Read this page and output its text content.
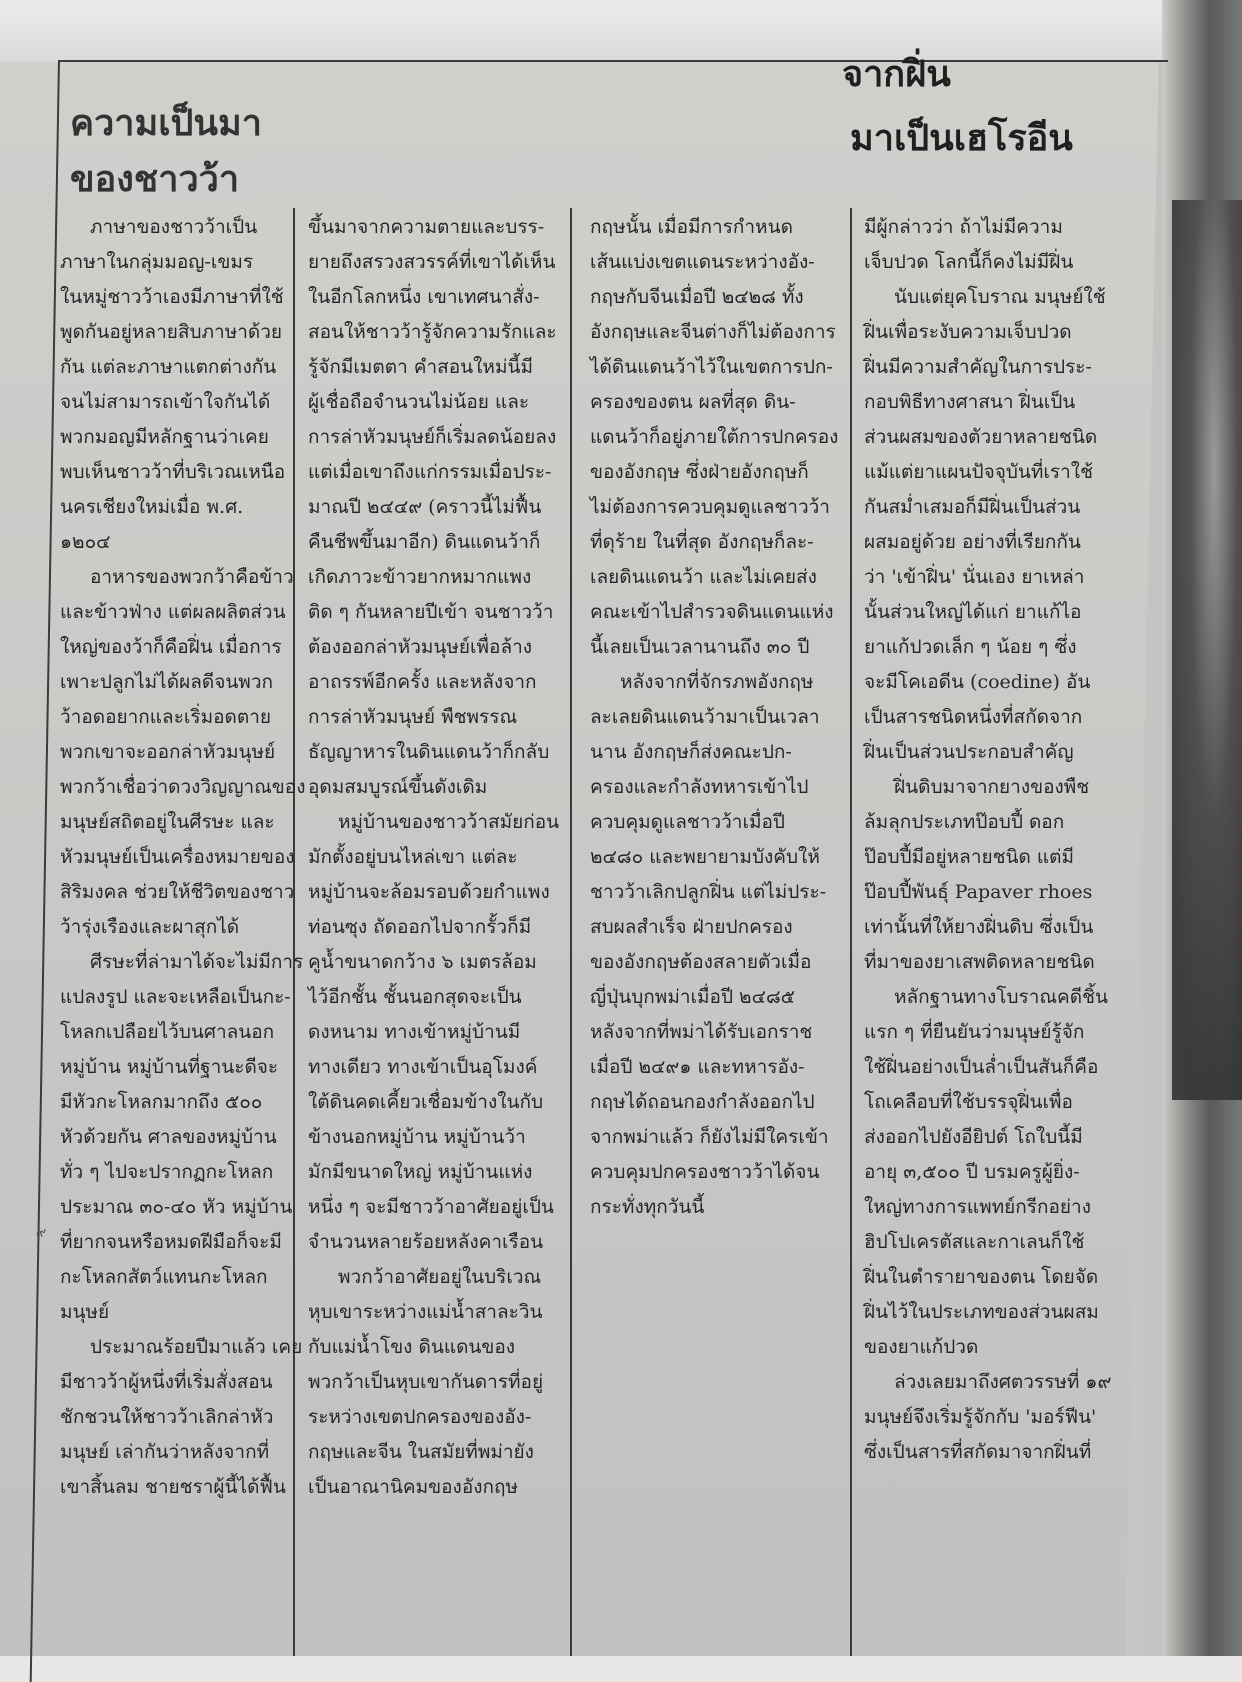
ความเป็นมา
ของชาวว้า
จากฝิ่น
มาเป็นเฮโรอีน
ภาษาของชาวว้าเป็น
ภาษาในกลุ่มมอญ-เขมร
ในหมู่ชาวว้าเองมีภาษาที่ใช้
พูดกันอยู่หลายสิบภาษาด้วย
กัน แต่ละภาษาแตกต่างกัน
จนไม่สามารถเข้าใจกันได้
พวกมอญมีหลักฐานว่าเคย
พบเห็นชาวว้าที่บริเวณเหนือ
นครเชียงใหม่เมื่อ พ.ศ.
๑๒๐๔
อาหารของพวกว้าคือข้าว
และข้าวฟ่าง แต่ผลผลิตส่วน
ใหญ่ของว้าก็คือฝิ่น เมื่อการ
เพาะปลูกไม่ได้ผลดีจนพวก
ว้าอดอยากและเริ่มอดตาย
พวกเขาจะออกล่าหัวมนุษย์
พวกว้าเชื่อว่าดวงวิญญาณของ
มนุษย์สถิตอยู่ในศีรษะ และ
หัวมนุษย์เป็นเครื่องหมายของ
สิริมงคล ช่วยให้ชีวิตของชาว
ว้ารุ่งเรืองและผาสุกได้
ศีรษะที่ล่ามาได้จะไม่มีการ
แปลงรูป และจะเหลือเป็นกะ-
โหลกเปลือยไว้บนศาลนอก
หมู่บ้าน หมู่บ้านที่ฐานะดีจะ
มีหัวกะโหลกมากถึง ๕๐๐
หัวด้วยกัน ศาลของหมู่บ้าน
ทั่ว ๆ ไปจะปรากฏกะโหลก
ประมาณ ๓๐-๔๐ หัว หมู่บ้าน
ที่ยากจนหรือหมดฝีมือก็จะมี
กะโหลกสัตว์แทนกะโหลก
มนุษย์
ประมาณร้อยปีมาแล้ว เคย
มีชาวว้าผู้หนึ่งที่เริ่มสั่งสอน
ชักชวนให้ชาวว้าเลิกล่าหัว
มนุษย์ เล่ากันว่าหลังจากที่
เขาสิ้นลม ชายชราผู้นี้ได้ฟื้น
ขึ้นมาจากความตายและบรร-
ยายถึงสรวงสวรรค์ที่เขาได้เห็น
ในอีกโลกหนึ่ง เขาเทศนาสั่ง-
สอนให้ชาวว้ารู้จักความรักและ
รู้จักมีเมตตา คำสอนใหม่นี้มี
ผู้เชื่อถือจำนวนไม่น้อย และ
การล่าหัวมนุษย์ก็เริ่มลดน้อยลง
แต่เมื่อเขาถึงแก่กรรมเมื่อประ-
มาณปี ๒๔๔๙ (คราวนี้ไม่ฟื้น
คืนชีพขึ้นมาอีก) ดินแดนว้าก็
เกิดภาวะข้าวยากหมากแพง
ติด ๆ กันหลายปีเข้า จนชาวว้า
ต้องออกล่าหัวมนุษย์เพื่อล้าง
อาถรรพ์อีกครั้ง และหลังจาก
การล่าหัวมนุษย์ พืชพรรณ
ธัญญาหารในดินแดนว้าก็กลับ
อุดมสมบูรณ์ขึ้นดังเดิม
หมู่บ้านของชาวว้าสมัยก่อน
มักตั้งอยู่บนไหล่เขา แต่ละ
หมู่บ้านจะล้อมรอบด้วยกำแพง
ท่อนซุง ถัดออกไปจากรั้วก็มี
คูน้ำขนาดกว้าง ๖ เมตรล้อม
ไว้อีกชั้น ชั้นนอกสุดจะเป็น
ดงหนาม ทางเข้าหมู่บ้านมี
ทางเดียว ทางเข้าเป็นอุโมงค์
ใต้ดินคดเคี้ยวเชื่อมข้างในกับ
ข้างนอกหมู่บ้าน หมู่บ้านว้า
มักมีขนาดใหญ่ หมู่บ้านแห่ง
หนึ่ง ๆ จะมีชาวว้าอาศัยอยู่เป็น
จำนวนหลายร้อยหลังคาเรือน
พวกว้าอาศัยอยู่ในบริเวณ
หุบเขาระหว่างแม่น้ำสาละวิน
กับแม่น้ำโขง ดินแดนของ
พวกว้าเป็นหุบเขากันดารที่อยู่
ระหว่างเขตปกครองของอัง-
กฤษและจีน ในสมัยที่พม่ายัง
เป็นอาณานิคมของอังกฤษ
กฤษนั้น เมื่อมีการกำหนด
เส้นแบ่งเขตแดนระหว่างอัง-
กฤษกับจีนเมื่อปี ๒๔๒๘ ทั้ง
อังกฤษและจีนต่างก็ไม่ต้องการ
ได้ดินแดนว้าไว้ในเขตการปก-
ครองของตน ผลที่สุด ดิน-
แดนว้าก็อยู่ภายใต้การปกครอง
ของอังกฤษ ซึ่งฝ่ายอังกฤษก็
ไม่ต้องการควบคุมดูแลชาวว้า
ที่ดุร้าย ในที่สุด อังกฤษก็ละ-
เลยดินแดนว้า และไม่เคยส่ง
คณะเข้าไปสำรวจดินแดนแห่ง
นี้เลยเป็นเวลานานถึง ๓๐ ปี
หลังจากที่จักรภพอังกฤษ
ละเลยดินแดนว้ามาเป็นเวลา
นาน อังกฤษก็ส่งคณะปก-
ครองและกำลังทหารเข้าไป
ควบคุมดูแลชาวว้าเมื่อปี
๒๔๘๐ และพยายามบังคับให้
ชาวว้าเลิกปลูกฝิ่น แต่ไม่ประ-
สบผลสำเร็จ ฝ่ายปกครอง
ของอังกฤษต้องสลายตัวเมื่อ
ญี่ปุ่นบุกพม่าเมื่อปี ๒๔๘๕
หลังจากที่พม่าได้รับเอกราช
เมื่อปี ๒๔๙๑ และทหารอัง-
กฤษได้ถอนกองกำลังออกไป
จากพม่าแล้ว ก็ยังไม่มีใครเข้า
ควบคุมปกครองชาวว้าได้จน
กระทั่งทุกวันนี้
มีผู้กล่าวว่า ถ้าไม่มีความ
เจ็บปวด โลกนี้ก็คงไม่มีฝิ่น
นับแต่ยุคโบราณ มนุษย์ใช้
ฝิ่นเพื่อระงับความเจ็บปวด
ฝิ่นมีความสำคัญในการประ-
กอบพิธีทางศาสนา ฝิ่นเป็น
ส่วนผสมของตัวยาหลายชนิด
แม้แต่ยาแผนปัจจุบันที่เราใช้
กันสม่ำเสมอก็มีฝิ่นเป็นส่วน
ผสมอยู่ด้วย อย่างที่เรียกกัน
ว่า 'เข้าฝิ่น' นั่นเอง ยาเหล่า
นั้นส่วนใหญ่ได้แก่ ยาแก้ไอ
ยาแก้ปวดเล็ก ๆ น้อย ๆ ซึ่ง
จะมีโคเอดีน (coedine) อัน
เป็นสารชนิดหนึ่งที่สกัดจาก
ฝิ่นเป็นส่วนประกอบสำคัญ
ฝิ่นดิบมาจากยางของพืช
ล้มลุกประเภทป๊อบปี้ ดอก
ป๊อบปี้มีอยู่หลายชนิด แต่มี
ป๊อบปี้พันธุ์ Papaver rhoes
เท่านั้นที่ให้ยางฝิ่นดิบ ซึ่งเป็น
ที่มาของยาเสพติดหลายชนิด
หลักฐานทางโบราณคดีชิ้น
แรก ๆ ที่ยืนยันว่ามนุษย์รู้จัก
ใช้ฝิ่นอย่างเป็นล่ำเป็นสันก็คือ
โถเคลือบที่ใช้บรรจุฝิ่นเพื่อ
ส่งออกไปยังอียิปต์ โถใบนี้มี
อายุ ๓,๕๐๐ ปี บรมครูผู้ยิ่ง-
ใหญ่ทางการแพทย์กรีกอย่าง
ฮิปโปเครตัสและกาเลนก็ใช้
ฝิ่นในตำรายาของตน โดยจัด
ฝิ่นไว้ในประเภทของส่วนผสม
ของยาแก้ปวด
ล่วงเลยมาถึงศตวรรษที่ ๑๙
มนุษย์จึงเริ่มรู้จักกับ 'มอร์ฟีน'
ซึ่งเป็นสารที่สกัดมาจากฝิ่นที่
๙
